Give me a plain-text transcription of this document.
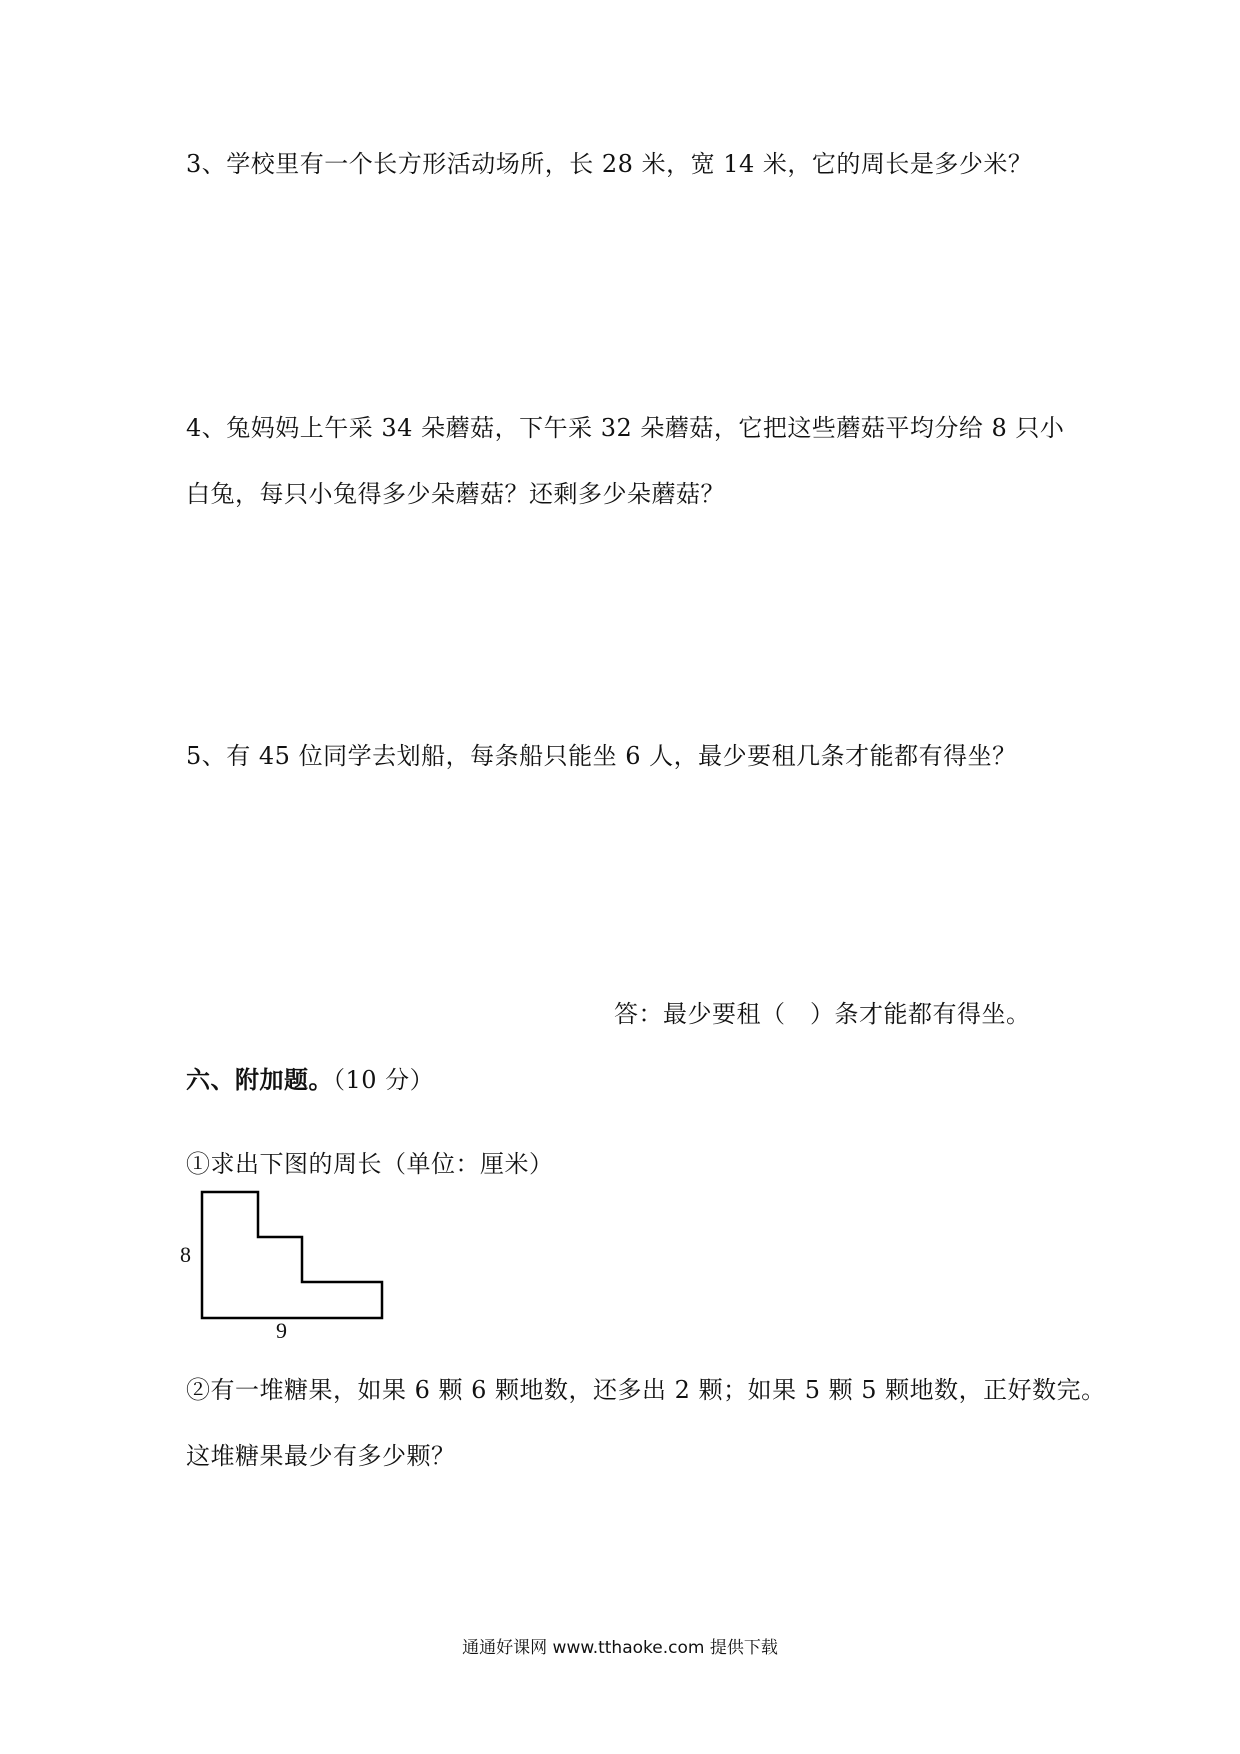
3、学校里有一个长方形活动场所，长 28 米，宽 14 米，它的周长是多少米？
4、兔妈妈上午采 34 朵蘑菇，下午采 32 朵蘑菇，它把这些蘑菇平均分给 8 只小
白兔，每只小兔得多少朵蘑菇？还剩多少朵蘑菇？
5、有 45 位同学去划船，每条船只能坐 6 人，最少要租几条才能都有得坐？
答：最少要租（　）条才能都有得坐。
六、附加题。（10 分）
①求出下图的周长（单位：厘米）
8
9
②有一堆糖果，如果 6 颗 6 颗地数，还多出 2 颗；如果 5 颗 5 颗地数，正好数完。
这堆糖果最少有多少颗？
通通好课网 www.tthaoke.com 提供下载
